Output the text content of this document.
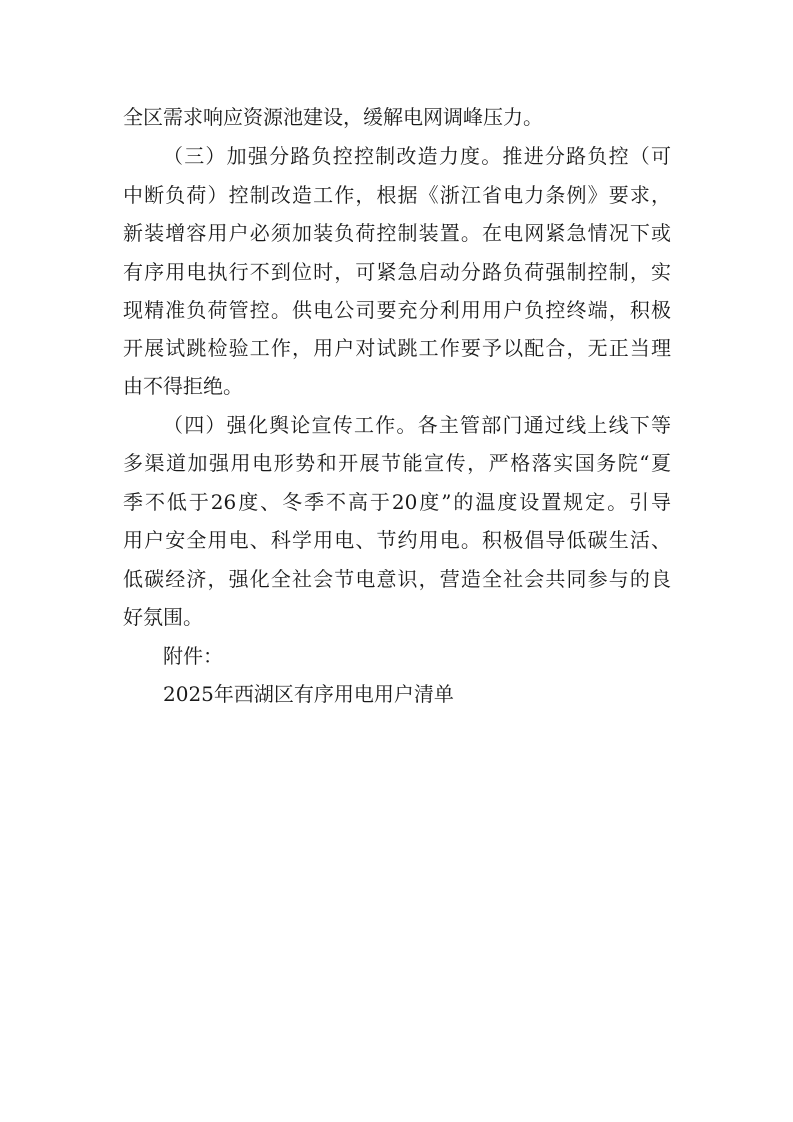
全区需求响应资源池建设，缓解电网调峰压力。
（三）加强分路负控控制改造力度。推进分路负控（可
中断负荷）控制改造工作，根据《浙江省电力条例》要求，
新装增容用户必须加装负荷控制装置。在电网紧急情况下或
有序用电执行不到位时，可紧急启动分路负荷强制控制，实
现精准负荷管控。供电公司要充分利用用户负控终端，积极
开展试跳检验工作，用户对试跳工作要予以配合，无正当理
由不得拒绝。
（四）强化舆论宣传工作。各主管部门通过线上线下等
多渠道加强用电形势和开展节能宣传，严格落实国务院“夏
季不低于26度、冬季不高于20度”的温度设置规定。引导
用户安全用电、科学用电、节约用电。积极倡导低碳生活、
低碳经济，强化全社会节电意识，营造全社会共同参与的良
好氛围。
附件：
2025年西湖区有序用电用户清单
